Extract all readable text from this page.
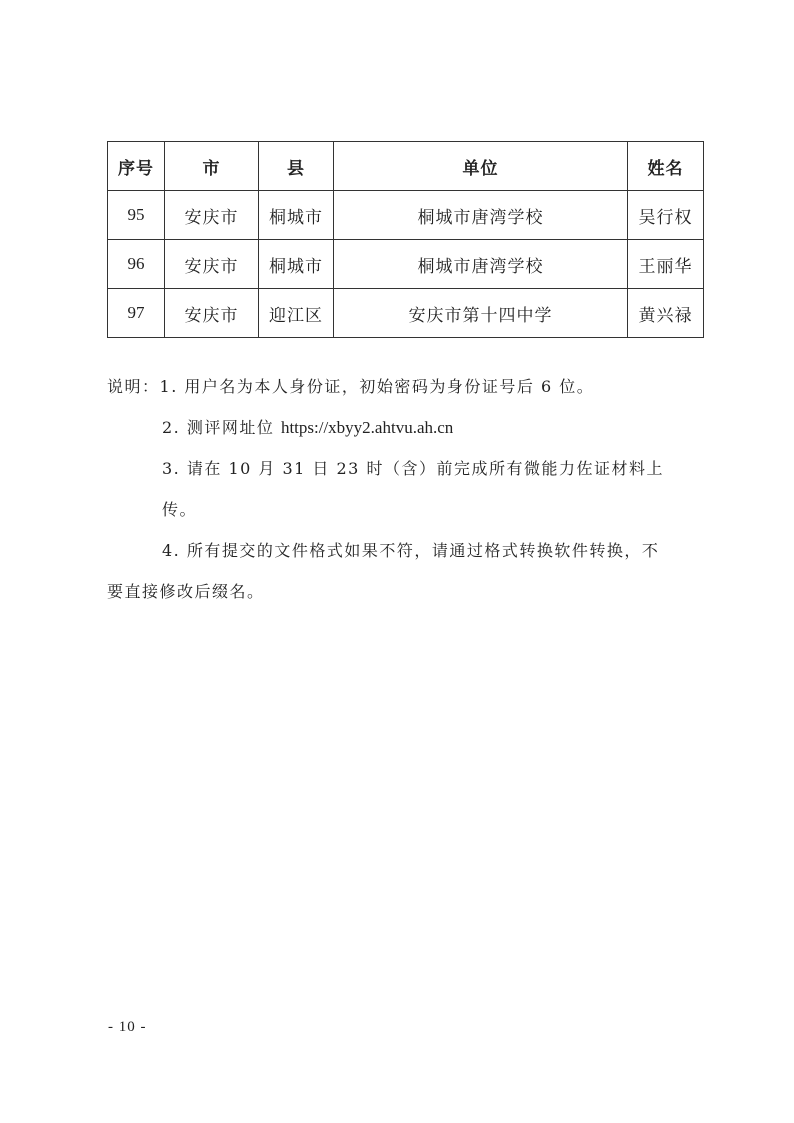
序号	市	县	单位	姓名
95	安庆市	桐城市	桐城市唐湾学校	吴行权
96	安庆市	桐城市	桐城市唐湾学校	王丽华
97	安庆市	迎江区	安庆市第十四中学	黄兴禄

说明：1. 用户名为本人身份证，初始密码为身份证号后 6 位。

2. 测评网址位 https://xbyy2.ahtvu.ah.cn

3. 请在 10 月 31 日 23 时（含）前完成所有微能力佐证材料上传。

4. 所有提交的文件格式如果不符，请通过格式转换软件转换，不

要直接修改后缀名。

- 10 -
